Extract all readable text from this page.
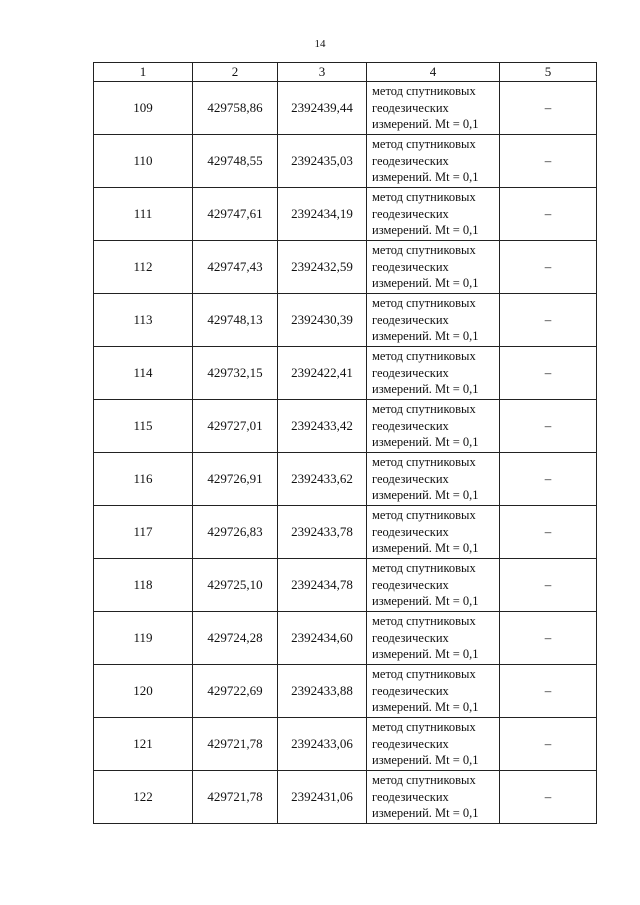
14
1	2	3	4	5
109	429758,86	2392439,44	метод спутниковых
геодезических
измерений. Mt = 0,1	–
110	429748,55	2392435,03	метод спутниковых
геодезических
измерений. Mt = 0,1	–
111	429747,61	2392434,19	метод спутниковых
геодезических
измерений. Mt = 0,1	–
112	429747,43	2392432,59	метод спутниковых
геодезических
измерений. Mt = 0,1	–
113	429748,13	2392430,39	метод спутниковых
геодезических
измерений. Mt = 0,1	–
114	429732,15	2392422,41	метод спутниковых
геодезических
измерений. Mt = 0,1	–
115	429727,01	2392433,42	метод спутниковых
геодезических
измерений. Mt = 0,1	–
116	429726,91	2392433,62	метод спутниковых
геодезических
измерений. Mt = 0,1	–
117	429726,83	2392433,78	метод спутниковых
геодезических
измерений. Mt = 0,1	–
118	429725,10	2392434,78	метод спутниковых
геодезических
измерений. Mt = 0,1	–
119	429724,28	2392434,60	метод спутниковых
геодезических
измерений. Mt = 0,1	–
120	429722,69	2392433,88	метод спутниковых
геодезических
измерений. Mt = 0,1	–
121	429721,78	2392433,06	метод спутниковых
геодезических
измерений. Mt = 0,1	–
122	429721,78	2392431,06	метод спутниковых
геодезических
измерений. Mt = 0,1	–
